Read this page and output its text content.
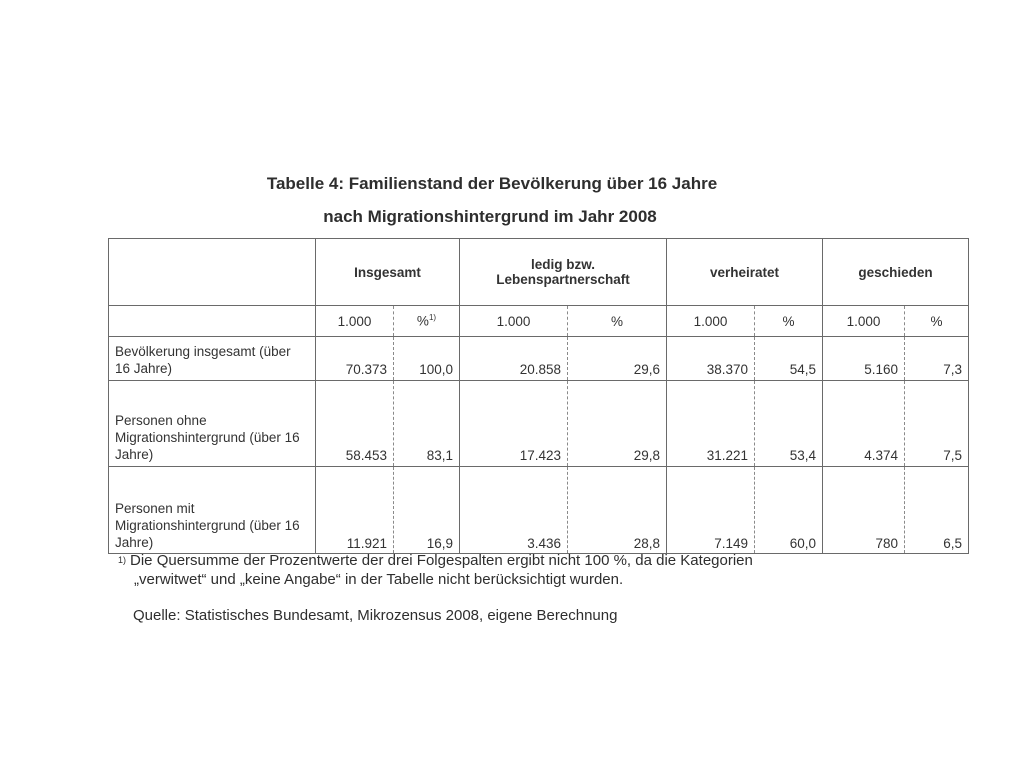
Tabelle 4: Familienstand der Bevölkerung über 16 Jahre
nach Migrationshintergrund im Jahr 2008
	Insgesamt		ledig bzw. Lebenspartnerschaft		verheiratet		geschieden	
	1.000	%$^{1)}$	1.000	%	1.000	%	1.000	%
Bevölkerung insgesamt (über 16 Jahre)	70.373	100,0	20.858	29,6	38.370	54,5	5.160	7,3
Personen ohne Migrationshintergrund (über 16 Jahre)	58.453	83,1	17.423	29,8	31.221	53,4	4.374	7,5
Personen mit Migrationshintergrund (über 16 Jahre)	11.921	16,9	3.436	28,8	7.149	60,0	780	6,5
$^{1)}$ Die Quersumme der Prozentwerte der drei Folgespalten ergibt nicht 100 %, da die Kategorien
„verwitwet“ und „keine Angabe“ in der Tabelle nicht berücksichtigt wurden.
Quelle: Statistisches Bundesamt, Mikrozensus 2008, eigene Berechnung
